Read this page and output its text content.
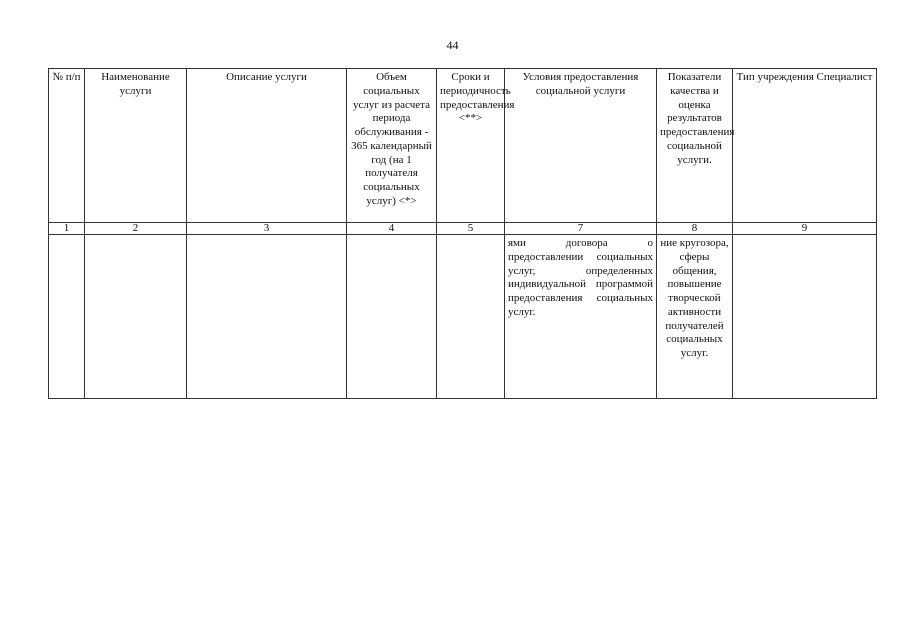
44
№ п/п	Наименование услуги	Описание услуги	Объем социальных услуг из расчета периода обслуживания - 365 календарный год (на 1 получателя социальных услуг) <*>	Сроки и периодичность предоставления <**>	Условия предоставления социальной услуги	Показатели качества и оценка результатов предоставления социальной услуги.	Тип учреждения Специалист
1	2	3	4	5	7	8	9
					ями договора о предоставлении социальных услуг, определенных индивидуальной программой предоставления социальных услуг.	ние кругозора, сферы общения, повышение творческой активности получателей социальных услуг.	
